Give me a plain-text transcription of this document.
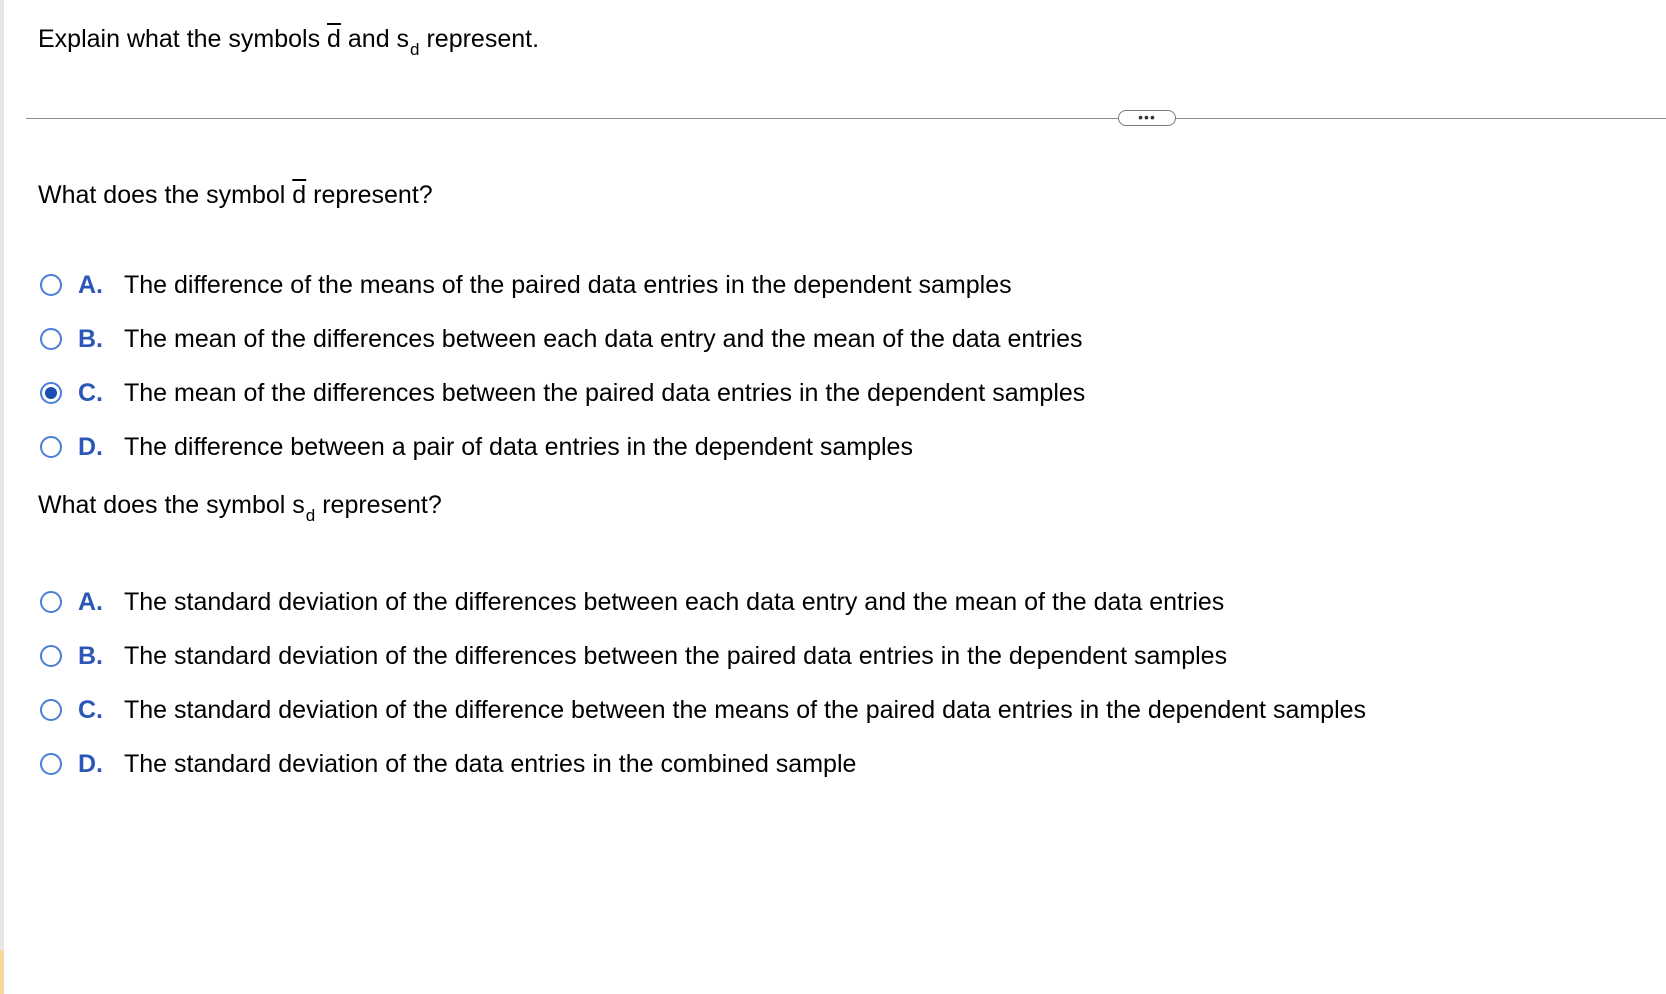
Explain what the symbols $\overline{d}$ and $s_d$ represent.
•••
What does the symbol $\overline{d}$ represent?
A. The difference of the means of the paired data entries in the dependent samples
B. The mean of the differences between each data entry and the mean of the data entries
C. The mean of the differences between the paired data entries in the dependent samples
D. The difference between a pair of data entries in the dependent samples
What does the symbol $s_d$ represent?
A. The standard deviation of the differences between each data entry and the mean of the data entries
B. The standard deviation of the differences between the paired data entries in the dependent samples
C. The standard deviation of the difference between the means of the paired data entries in the dependent samples
D. The standard deviation of the data entries in the combined sample
